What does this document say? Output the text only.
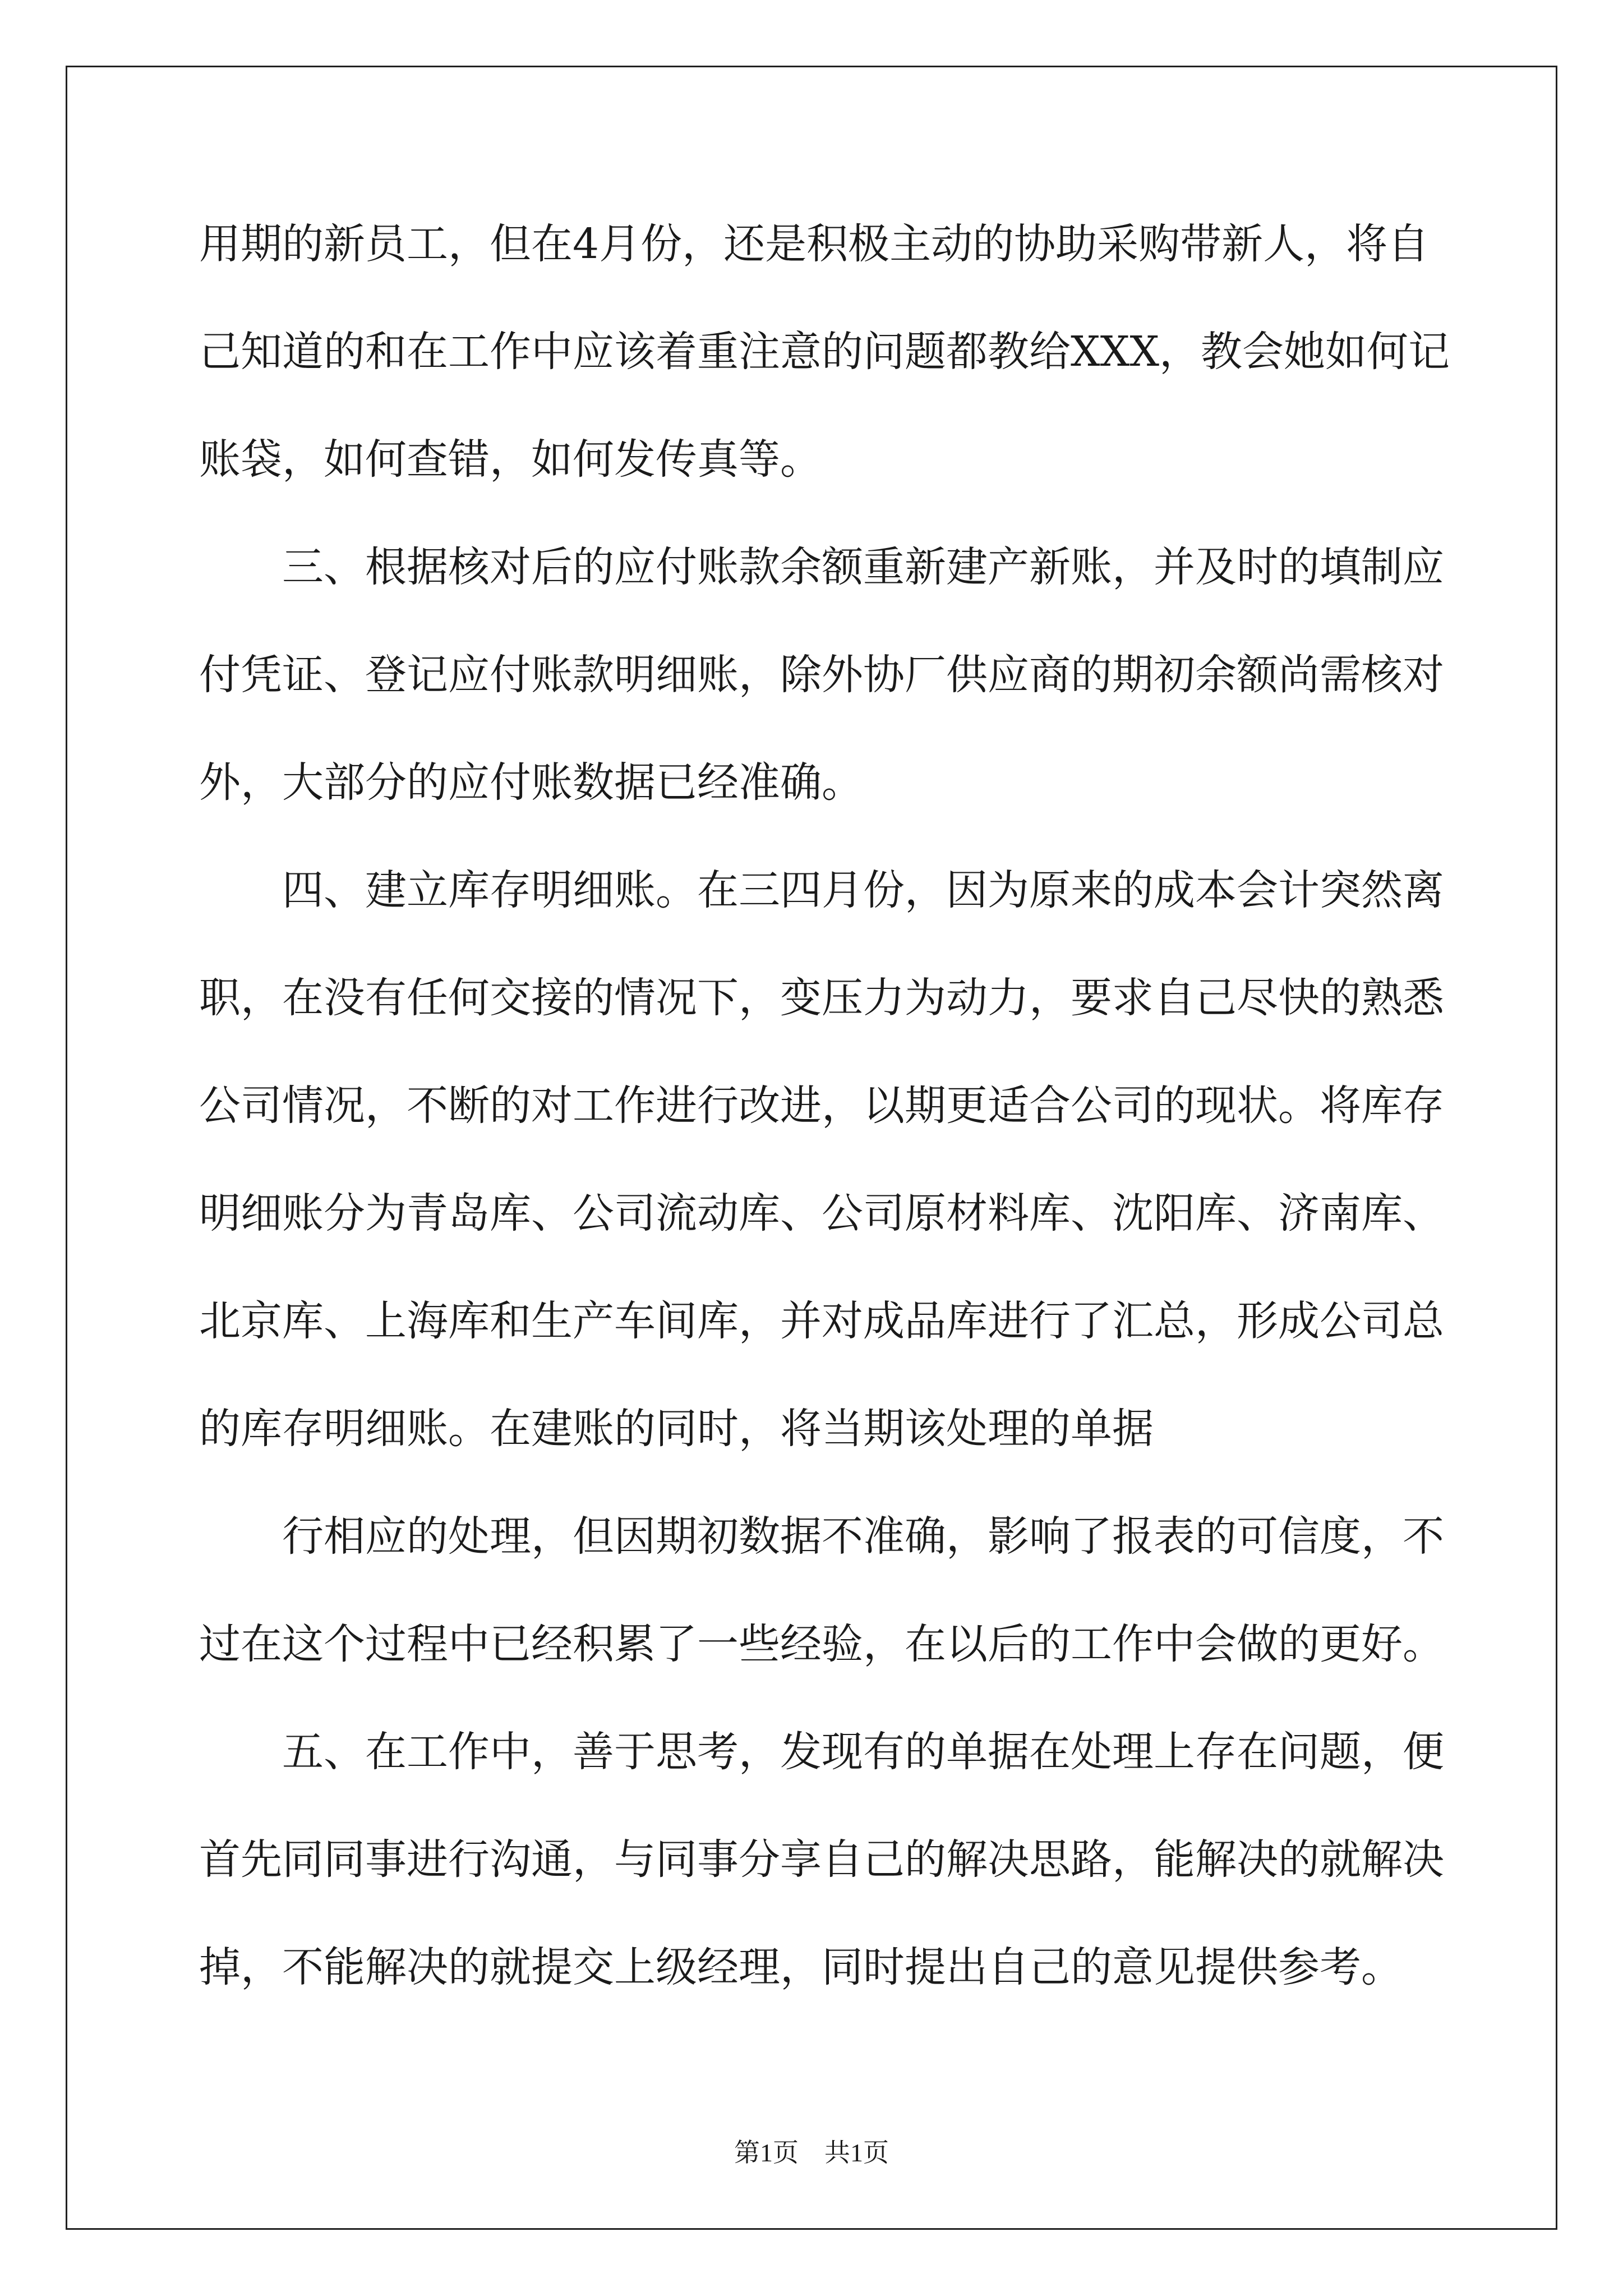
用期的新员工，但在4月份，还是积极主动的协助采购带新人，将自
己知道的和在工作中应该着重注意的问题都教给XXX，教会她如何记
账袋，如何查错，如何发传真等。
　　三、根据核对后的应付账款余额重新建产新账，并及时的填制应
付凭证、登记应付账款明细账，除外协厂供应商的期初余额尚需核对
外，大部分的应付账数据已经准确。
　　四、建立库存明细账。在三四月份，因为原来的成本会计突然离
职，在没有任何交接的情况下，变压力为动力，要求自己尽快的熟悉
公司情况，不断的对工作进行改进，以期更适合公司的现状。将库存
明细账分为青岛库、公司流动库、公司原材料库、沈阳库、济南库、
北京库、上海库和生产车间库，并对成品库进行了汇总，形成公司总
的库存明细账。在建账的同时，将当期该处理的单据
　　行相应的处理，但因期初数据不准确，影响了报表的可信度，不
过在这个过程中已经积累了一些经验，在以后的工作中会做的更好。
　　五、在工作中，善于思考，发现有的单据在处理上存在问题，便
首先同同事进行沟通，与同事分享自己的解决思路，能解决的就解决
掉，不能解决的就提交上级经理，同时提出自己的意见提供参考。
第1页　共1页
